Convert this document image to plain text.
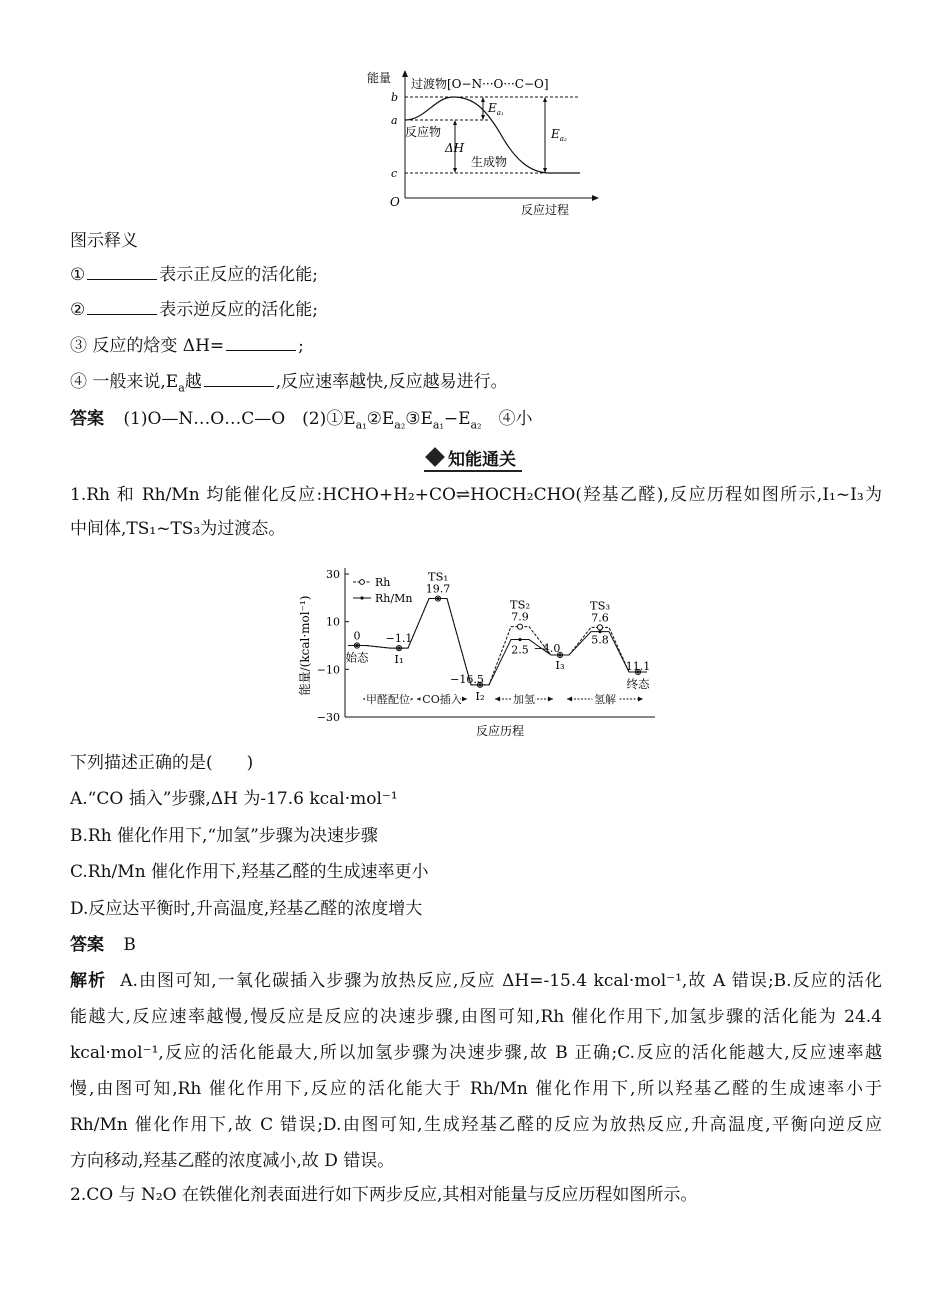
能量 过渡物[O−N···O···C−O]
b
a
c
O
反应物
ΔH
生成物
$E_{a_1}$
$E_{a_2}$
反应过程
图示释义
①	表示正反应的活化能;
②	表示逆反应的活化能;
③ 反应的焓变 ΔH=	;
④ 一般来说$,E_a$越	,反应速率越快,反应越易进行。
答案 (1)O—N…O…C—O　$(2)①E_{a_1}②E_{a_2}③E_{a_1}-E_{a_2}$　④小
知能通关
1.Rh 和 Rh/Mn 均能催化反应:HCHO+H₂+CO⇌HOCH₂CHO(羟基乙醛),反应历程如图所示,I₁~I₃为
中间体,TS₁~TS₃为过渡态。
30
10
−10
−30
能量/(kcal·mol⁻¹)
反应历程
0 −1.1
19.7
−16.5
7.9
−4.0
7.6
11.1
2.5
5.8
始态 I₁
TS₁
I₂
TS₂
I₃
TS₃
终态
Rh
Rh/Mn
甲醛配位 CO插入	加氢	氢解
下列描述正确的是(　　)
A.“CO 插入”步骤,ΔH 为-17.6 kcal·mol⁻¹
B.Rh 催化作用下,“加氢”步骤为决速步骤
C.Rh/Mn 催化作用下,羟基乙醛的生成速率更小
D.反应达平衡时,升高温度,羟基乙醛的浓度增大
答案 B
解析 A.由图可知,一氧化碳插入步骤为放热反应,反应 ΔH=-15.4 kcal·mol⁻¹,故 A 错误;B.反应的活化
能越大,反应速率越慢,慢反应是反应的决速步骤,由图可知,Rh 催化作用下,加氢步骤的活化能为 24.4
kcal·mol⁻¹,反应的活化能最大,所以加氢步骤为决速步骤,故 B 正确;C.反应的活化能越大,反应速率越
慢,由图可知,Rh 催化作用下,反应的活化能大于 Rh/Mn 催化作用下,所以羟基乙醛的生成速率小于
Rh/Mn 催化作用下,故 C 错误;D.由图可知,生成羟基乙醛的反应为放热反应,升高温度,平衡向逆反应
方向移动,羟基乙醛的浓度减小,故 D 错误。
2.CO 与 N₂O 在铁催化剂表面进行如下两步反应,其相对能量与反应历程如图所示。
